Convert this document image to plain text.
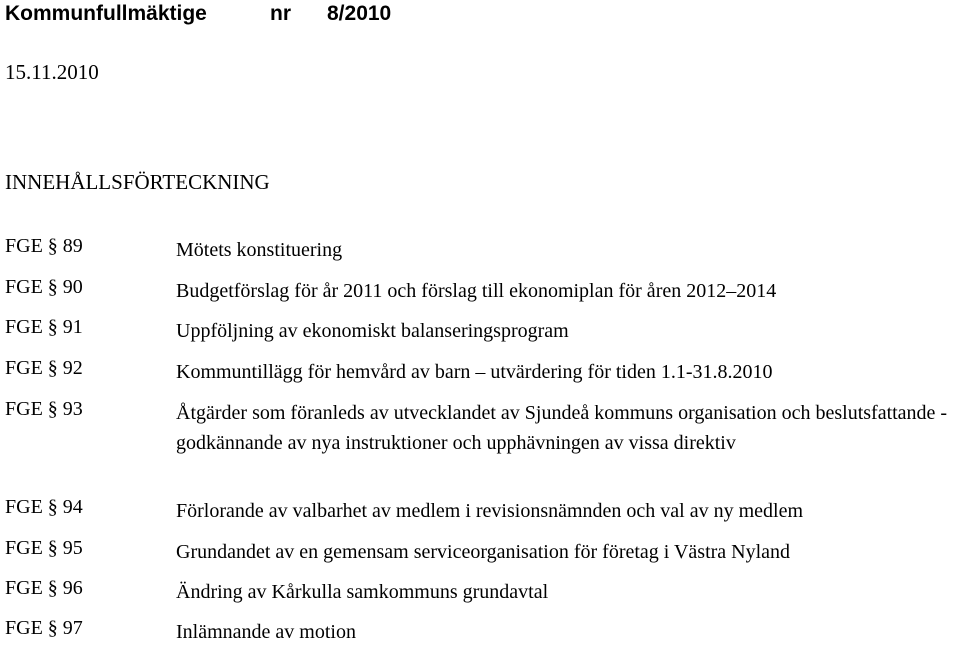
Kommunfullmäktige	nr 8/2010
15.11.2010
INNEHÅLLSFÖRTECKNING
FGE § 89	Mötets konstituering
FGE § 90	Budgetförslag för år 2011 och förslag till ekonomiplan för åren 2012–2014
FGE § 91	Uppföljning av ekonomiskt balanseringsprogram
FGE § 92	Kommuntillägg för hemvård av barn – utvärdering för tiden 1.1-31.8.2010
FGE § 93	Åtgärder som föranleds av utvecklandet av Sjundeå kommuns organisation och beslutsfattande - godkännande av nya instruktioner och upphävningen av vissa direktiv
FGE § 94	Förlorande av valbarhet av medlem i revisionsnämnden och val av ny medlem
FGE § 95	Grundandet av en gemensam serviceorganisation för företag i Västra Nyland
FGE § 96	Ändring av Kårkulla samkommuns grundavtal
FGE § 97	Inlämnande av motion
